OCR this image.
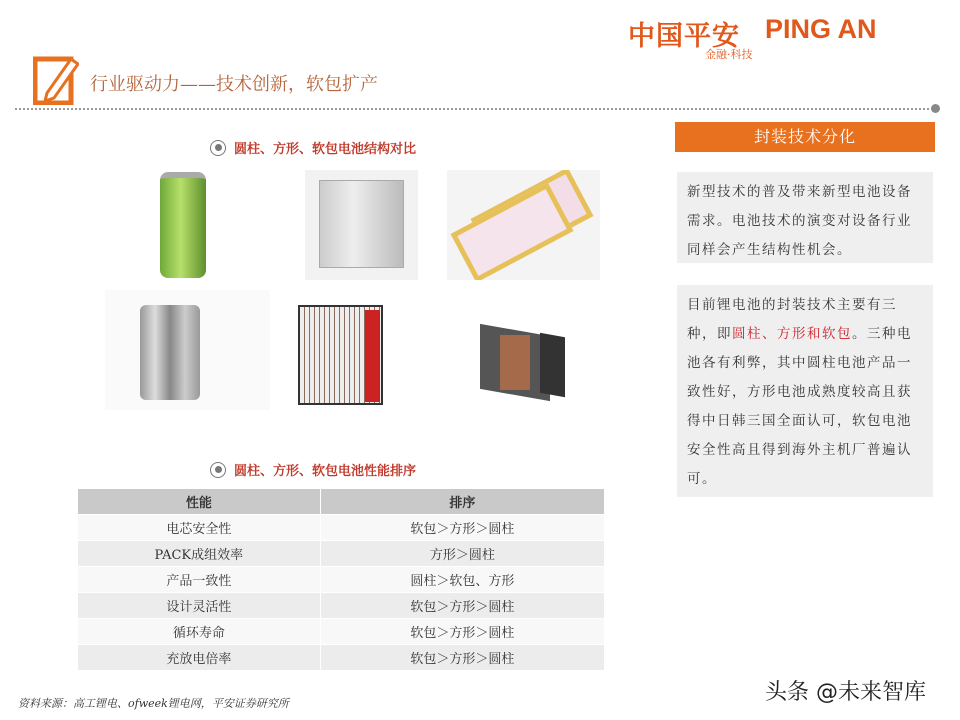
中国平安 PING AN
金融·科技
行业驱动力——技术创新，软包扩产
圆柱、方形、软包电池结构对比
圆柱、方形、软包电池性能排序
性能	排序
电芯安全性	软包＞方形＞圆柱
PACK成组效率	方形＞圆柱
产品一致性	圆柱＞软包、方形
设计灵活性	软包＞方形＞圆柱
循环寿命	软包＞方形＞圆柱
充放电倍率	软包＞方形＞圆柱
封装技术分化
新型技术的普及带来新型电池设备需求。电池技术的演变对设备行业同样会产生结构性机会。
目前锂电池的封装技术主要有三种，即圆柱、方形和软包。三种电池各有利弊，其中圆柱电池产品一致性好，方形电池成熟度较高且获得中日韩三国全面认可，软包电池安全性高且得到海外主机厂普遍认可。
资料来源：高工锂电、ofweek锂电网，平安证券研究所	头条 @未来智库
